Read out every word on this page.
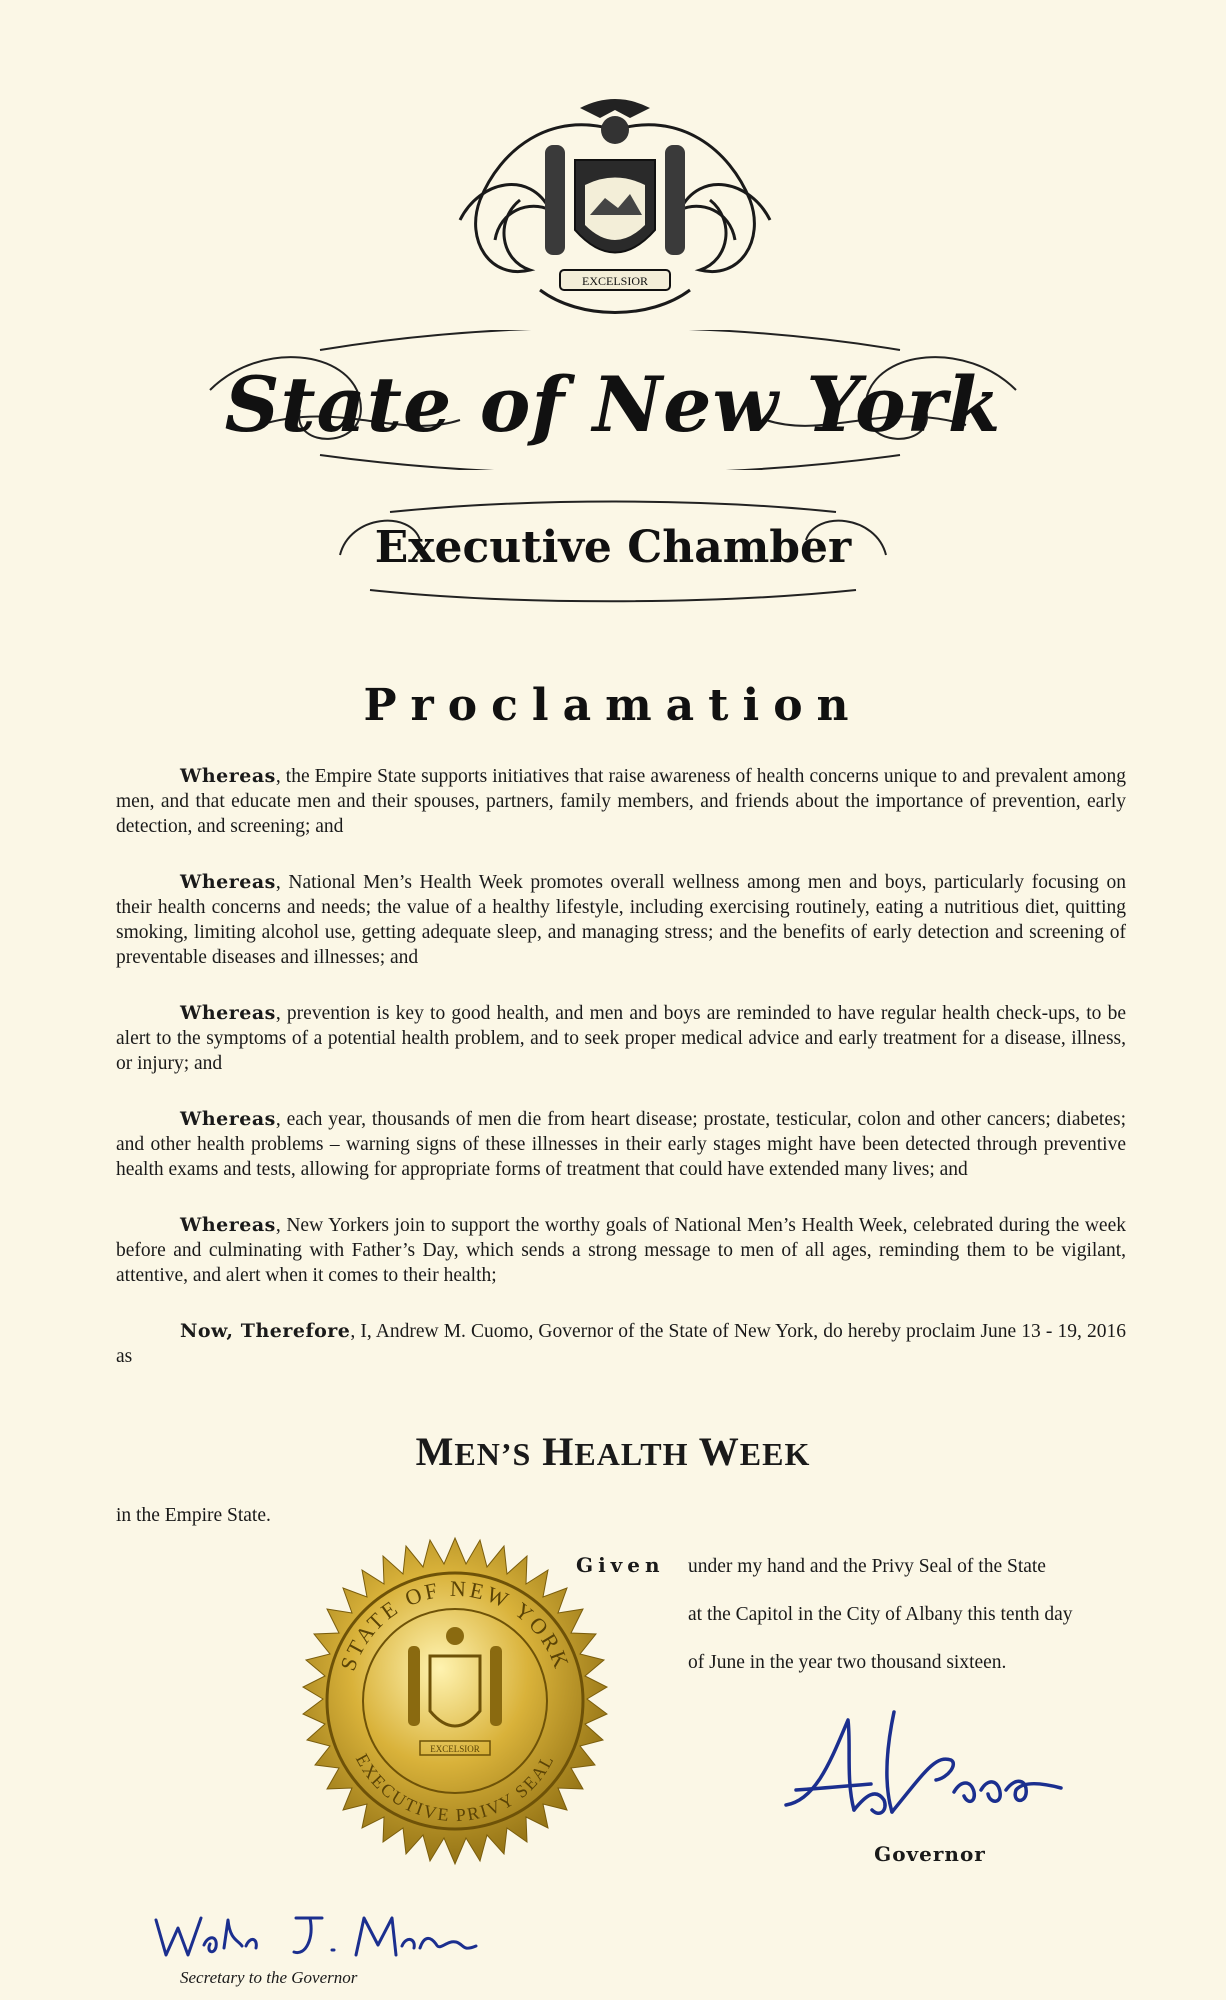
EXCELSIOR
State of New York
Executive Chamber
Proclamation

Whereas, the Empire State supports initiatives that raise awareness of health concerns unique to and prevalent among men, and that educate men and their spouses, partners, family members, and friends about the importance of prevention, early detection, and screening; and

Whereas, National Men’s Health Week promotes overall wellness among men and boys, particularly focusing on their health concerns and needs; the value of a healthy lifestyle, including exercising routinely, eating a nutritious diet, quitting smoking, limiting alcohol use, getting adequate sleep, and managing stress; and the benefits of early detection and screening of preventable diseases and illnesses; and

Whereas, prevention is key to good health, and men and boys are reminded to have regular health check-ups, to be alert to the symptoms of a potential health problem, and to seek proper medical advice and early treatment for a disease, illness, or injury; and

Whereas, each year, thousands of men die from heart disease; prostate, testicular, colon and other cancers; diabetes; and other health problems – warning signs of these illnesses in their early stages might have been detected through preventive health exams and tests, allowing for appropriate forms of treatment that could have extended many lives; and

Whereas, New Yorkers join to support the worthy goals of National Men’s Health Week, celebrated during the week before and culminating with Father’s Day, which sends a strong message to men of all ages, reminding them to be vigilant, attentive, and alert when it comes to their health;

Now, Therefore, I, Andrew M. Cuomo, Governor of the State of New York, do hereby proclaim June 13 - 19, 2016 as

MEN’S HEALTH WEEK
in the Empire State.
STATE OF NEW YORK
EXECUTIVE PRIVY SEAL
EXCELSIOR
Given under my hand and the Privy Seal of the State
at the Capitol in the City of Albany this tenth day
of June in the year two thousand sixteen.
Governor
Secretary to the Governor
